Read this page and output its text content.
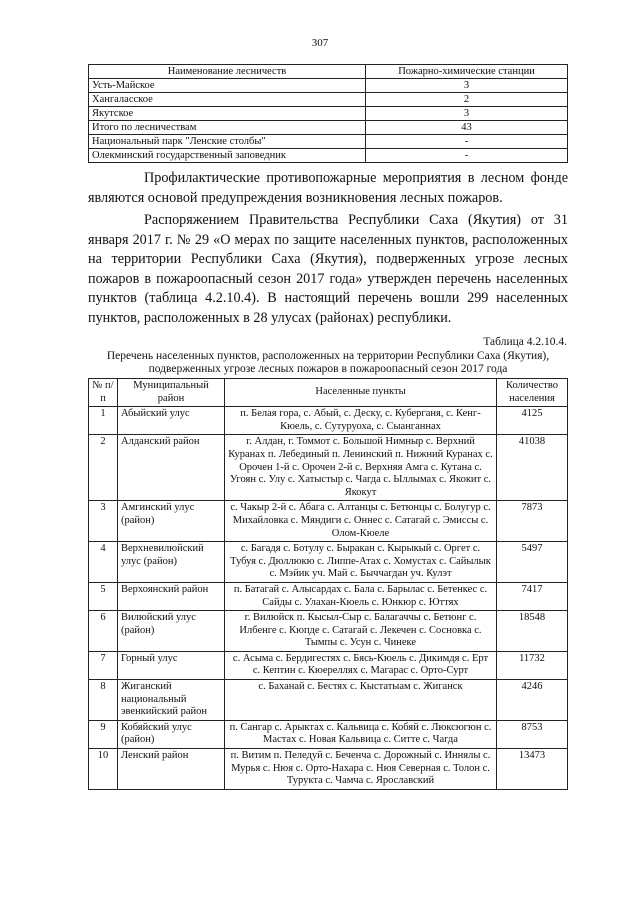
307
Наименование лесничеств	Пожарно-химические станции
Усть-Майское	3
Хангаласское	2
Якутское	3
Итого по лесничествам	43
Национальный парк "Ленские столбы"	-
Олекминский государственный заповедник	-

Профилактические противопожарные мероприятия в лесном фонде являются основой предупреждения возникновения лесных пожаров.

Распоряжением Правительства Республики Саха (Якутия) от 31 января 2017 г. № 29 «О мерах по защите населенных пунктов, расположенных на территории Республики Саха (Якутия), подверженных угрозе лесных пожаров в пожароопасный сезон 2017 года» утвержден перечень населенных пунктов (таблица 4.2.10.4). В настоящий перечень вошли 299 населенных пунктов, расположенных в 28 улусах (районах) республики.

Таблица 4.2.10.4.
Перечень населенных пунктов, расположенных на территории Республики Саха (Якутия), подверженных угрозе лесных пожаров в пожароопасный сезон 2017 года
№ п/п	Муниципальный район	Населенные пункты	Количество населения
1	Абыйский улус	п. Белая гора, с. Абый, с. Деску, с. Куберганя, с. Кенг-Кюель, с. Сутуруоха, с. Сыанганнах	4125
2	Алданский район	г. Алдан, г. Томмот с. Большой Нимныр с. Верхний Куранах п. Лебединый п. Ленинский п. Нижний Куранах с. Орочен 1-й с. Орочен 2-й с. Верхняя Амга с. Кутана с. Угоян с. Улу с. Хатыстыр с. Чагда с. Ыллымах с. Якокит с. Якокут	41038
3	Амгинский улус (район)	с. Чакыр 2-й с. Абага с. Алтанцы с. Бетюнцы с. Болугур с. Михайловка с. Мяндиги с. Оннес с. Сатагай с. Эмиссы с. Олом-Кюеле	7873
4	Верхневилюйский улус (район)	с. Багадя с. Ботулу с. Быракан с. Кырыкый с. Оргет с. Тубуя с. Дюллюкю с. Липпе-Атах с. Хомустах с. Сайылык с. Мэйик уч. Май с. Быччагдан уч. Кулэт	5497
5	Верхоянский район	п. Батагай с. Алысардах с. Бала с. Барылас с. Бетенкес с. Сайды с. Улахан-Кюель с. Юнкюр с. Юттях	7417
6	Вилюйский улус (район)	г. Вилюйск п. Кысыл-Сыр с. Балагаччы с. Бетюнг с. Илбенге с. Кюпде с. Сатагай с. Лекечен с. Сосновка с. Тымпы с. Усун с. Чинеке	18548
7	Горный улус	с. Асыма с. Бердигестях с. Бясь-Кюель с. Дикимдя с. Ерт с. Кептин с. Кюереллях с. Магарас с. Орто-Сурт	11732
8	Жиганский национальный эвенкийский район	с. Баханай с. Бестях с. Кыстатыам с. Жиганск	4246
9	Кобяйский улус (район)	п. Сангар с. Арыктах с. Кальвица с. Кобяй с. Люксюгюн с. Мастах с. Новая Кальвица с. Ситте с. Чагда	8753
10	Ленский район	п. Витим п. Пеледуй с. Беченча с. Дорожный с. Иннялы с. Мурья с. Нюя с. Орто-Нахара с. Нюя Северная с. Толон с. Турукта с. Чамча с. Ярославский	13473
